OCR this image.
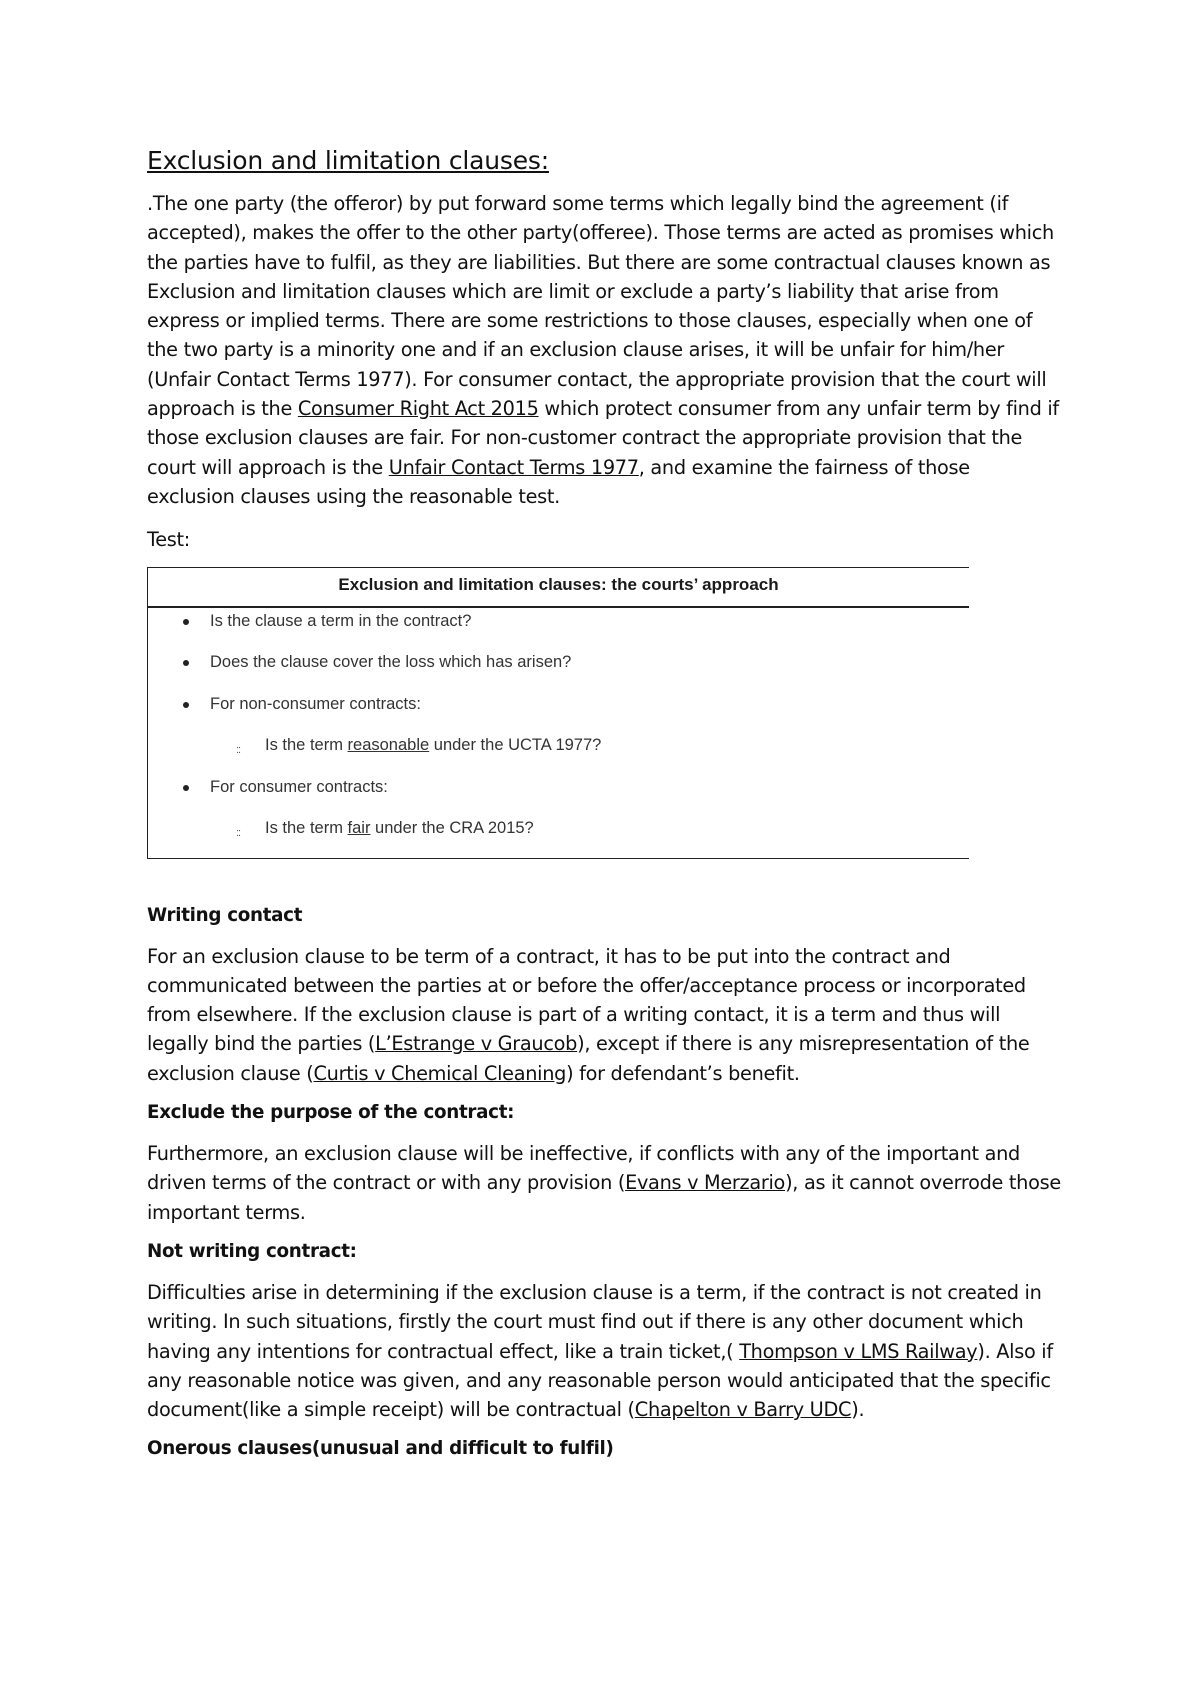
Exclusion and limitation clauses:

.The one party (the offeror) by put forward some terms which legally bind the agreement (if accepted), makes the offer to the other party(offeree). Those terms are acted as promises which the parties have to fulfil, as they are liabilities. But there are some contractual clauses known as Exclusion and limitation clauses which are limit or exclude a party’s liability that arise from express or implied terms. There are some restrictions to those clauses, especially when one of the two party is a minority one and if an exclusion clause arises, it will be unfair for him/her (Unfair Contact Terms 1977). For consumer contact, the appropriate provision that the court will approach is the Consumer Right Act 2015 which protect consumer from any unfair term by find if those exclusion clauses are fair. For non-customer contract the appropriate provision that the court will approach is the Unfair Contact Terms 1977, and examine the fairness of those exclusion clauses using the reasonable test.

Test:

Exclusion and limitation clauses: the courts’ approach
Is the clause a term in the contract?
Does the clause cover the loss which has arisen?
For non-consumer contracts:
:: Is the term reasonable under the UCTA 1977?
For consumer contracts:
:: Is the term fair under the CRA 2015?

Writing contact

For an exclusion clause to be term of a contract, it has to be put into the contract and communicated between the parties at or before the offer/acceptance process or incorporated from elsewhere. If the exclusion clause is part of a writing contact, it is a term and thus will legally bind the parties (L’Estrange v Graucob), except if there is any misrepresentation of the exclusion clause (Curtis v Chemical Cleaning) for defendant’s benefit.

Exclude the purpose of the contract:

Furthermore, an exclusion clause will be ineffective, if conflicts with any of the important and driven terms of the contract or with any provision (Evans v Merzario), as it cannot overrode those important terms.

Not writing contract:

Difficulties arise in determining if the exclusion clause is a term, if the contract is not created in writing. In such situations, firstly the court must find out if there is any other document which having any intentions for contractual effect, like a train ticket,( Thompson v LMS Railway). Also if any reasonable notice was given, and any reasonable person would anticipated that the specific document(like a simple receipt) will be contractual (Chapelton v Barry UDC).

Onerous clauses(unusual and difficult to fulfil)
